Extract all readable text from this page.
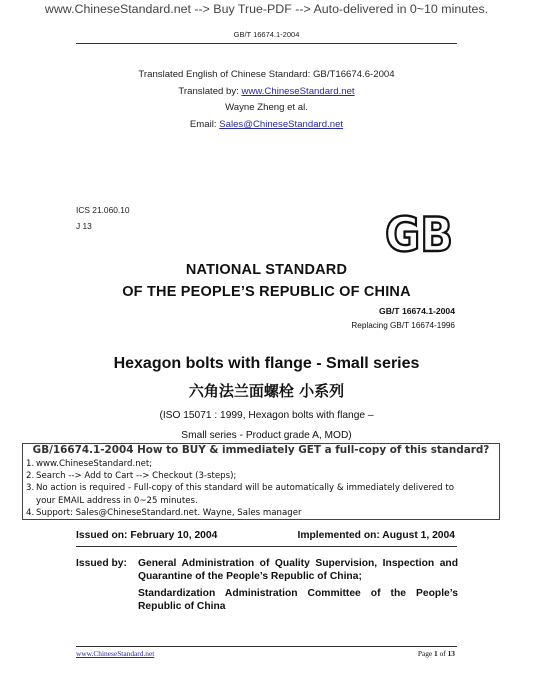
www.ChineseStandard.net --> Buy True-PDF --> Auto-delivered in 0~10 minutes.
GB/T 16674.1-2004
Translated English of Chinese Standard: GB/T16674.6-2004
Translated by: www.ChineseStandard.net
Wayne Zheng et al.
Email: Sales@ChineseStandard.net
ICS 21.060.10
J 13	GB
NATIONAL STANDARD
OF THE PEOPLE’S REPUBLIC OF CHINA
GB/T 16674.1-2004
Replacing GB/T 16674-1996
Hexagon bolts with flange - Small series
六角法兰面螺栓 小系列
(ISO 15071 : 1999, Hexagon bolts with flange –
Small series - Product grade A, MOD)
GB/16674.1-2004 How to BUY & immediately GET a full-copy of this standard?
1. www.ChineseStandard.net;
2. Search --> Add to Cart --> Checkout (3-steps);
3. No action is required - Full-copy of this standard will be automatically & immediately delivered to
your EMAIL address in 0~25 minutes.
4. Support: Sales@ChineseStandard.net. Wayne, Sales manager
Issued on: February 10, 2004	Implemented on: August 1, 2004
Issued by: General Administration of Quality Supervision, Inspection and Quarantine of the People’s Republic of China;
Standardization Administration Committee of the People’s Republic of China
www.ChineseStandard.net	Page 1 of 13
